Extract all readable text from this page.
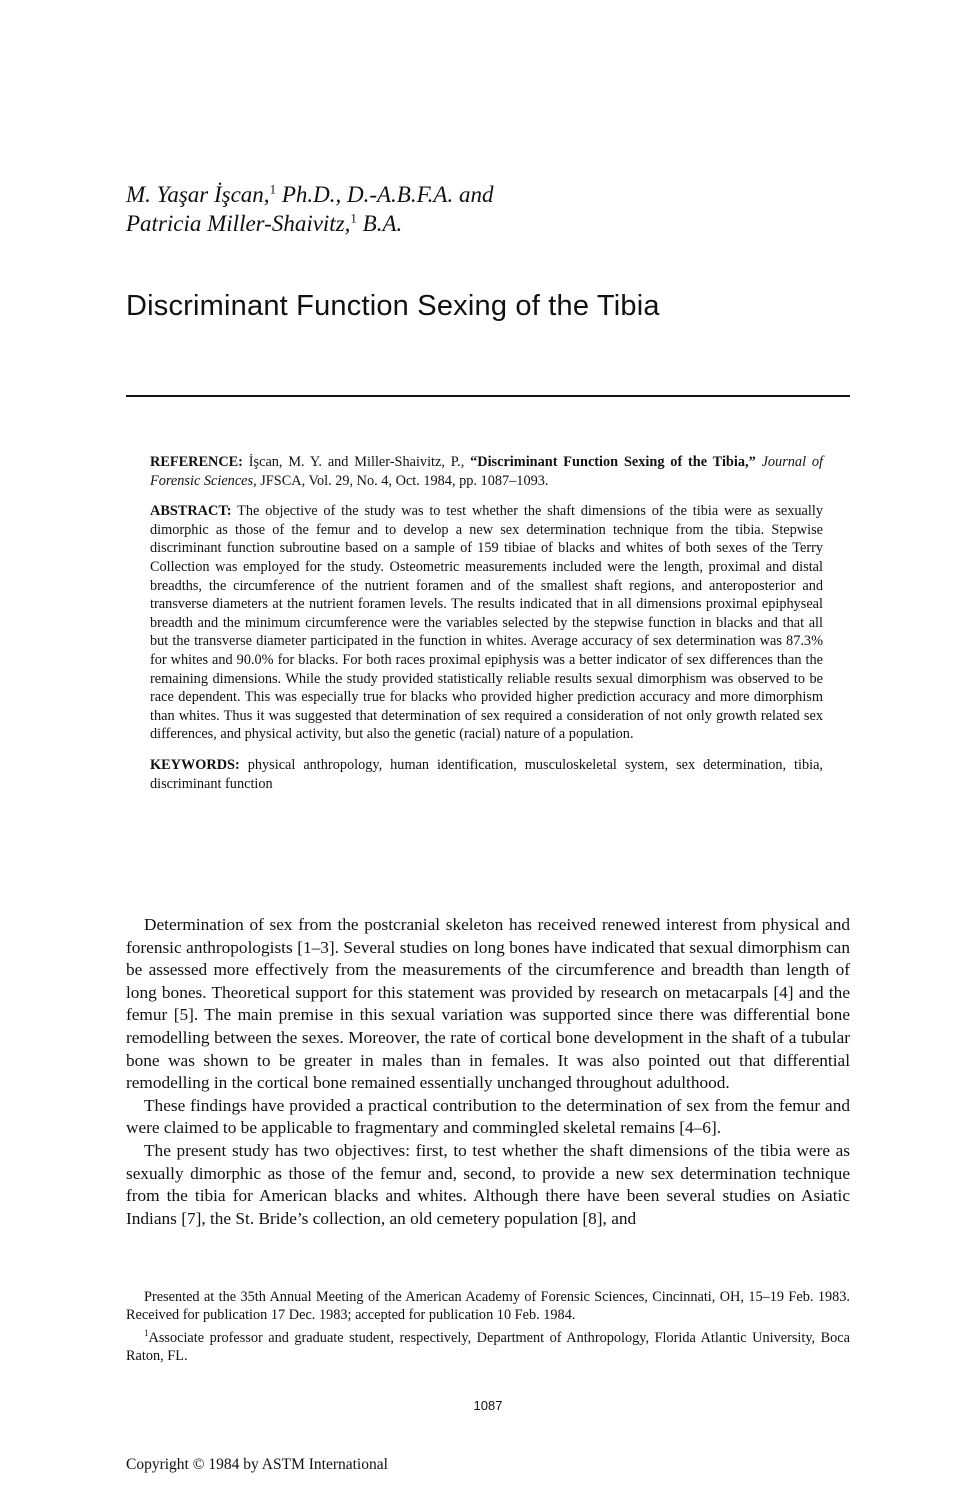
M. Yaşar İşcan,$^1$ Ph.D., D.-A.B.F.A. and
Patricia Miller-Shaivitz,$^1$ B.A.
Discriminant Function Sexing of the Tibia

REFERENCE: İşcan, M. Y. and Miller-Shaivitz, P., “Discriminant Function Sexing of the Tibia,” Journal of Forensic Sciences, JFSCA, Vol. 29, No. 4, Oct. 1984, pp. 1087–1093.

ABSTRACT: The objective of the study was to test whether the shaft dimensions of the tibia were as sexually dimorphic as those of the femur and to develop a new sex determination technique from the tibia. Stepwise discriminant function subroutine based on a sample of 159 tibiae of blacks and whites of both sexes of the Terry Collection was employed for the study. Osteometric measurements included were the length, proximal and distal breadths, the circumference of the nutrient foramen and of the smallest shaft regions, and anteroposterior and transverse diameters at the nutrient foramen levels. The results indicated that in all dimensions proximal epiphyseal breadth and the minimum circumference were the variables selected by the stepwise function in blacks and that all but the transverse diameter participated in the function in whites. Average accuracy of sex determination was 87.3% for whites and 90.0% for blacks. For both races proximal epiphysis was a better indicator of sex differences than the remaining dimensions. While the study provided statistically reliable results sexual dimorphism was observed to be race dependent. This was especially true for blacks who provided higher prediction accuracy and more dimorphism than whites. Thus it was suggested that determination of sex required a consideration of not only growth related sex differences, and physical activity, but also the genetic (racial) nature of a population.

KEYWORDS: physical anthropology, human identification, musculoskeletal system, sex determination, tibia, discriminant function

Determination of sex from the postcranial skeleton has received renewed interest from physical and forensic anthropologists [1–3]. Several studies on long bones have indicated that sexual dimorphism can be assessed more effectively from the measurements of the circumference and breadth than length of long bones. Theoretical support for this statement was provided by research on metacarpals [4] and the femur [5]. The main premise in this sexual variation was supported since there was differential bone remodelling between the sexes. Moreover, the rate of cortical bone development in the shaft of a tubular bone was shown to be greater in males than in females. It was also pointed out that differential remodelling in the cortical bone remained essentially unchanged throughout adulthood.

These findings have provided a practical contribution to the determination of sex from the femur and were claimed to be applicable to fragmentary and commingled skeletal remains [4–6].

The present study has two objectives: first, to test whether the shaft dimensions of the tibia were as sexually dimorphic as those of the femur and, second, to provide a new sex determination technique from the tibia for American blacks and whites. Although there have been several studies on Asiatic Indians [7], the St. Bride’s collection, an old cemetery population [8], and

Presented at the 35th Annual Meeting of the American Academy of Forensic Sciences, Cincinnati, OH, 15–19 Feb. 1983. Received for publication 17 Dec. 1983; accepted for publication 10 Feb. 1984.

$^1$Associate professor and graduate student, respectively, Department of Anthropology, Florida Atlantic University, Boca Raton, FL.

1087
Copyright © 1984 by ASTM International
